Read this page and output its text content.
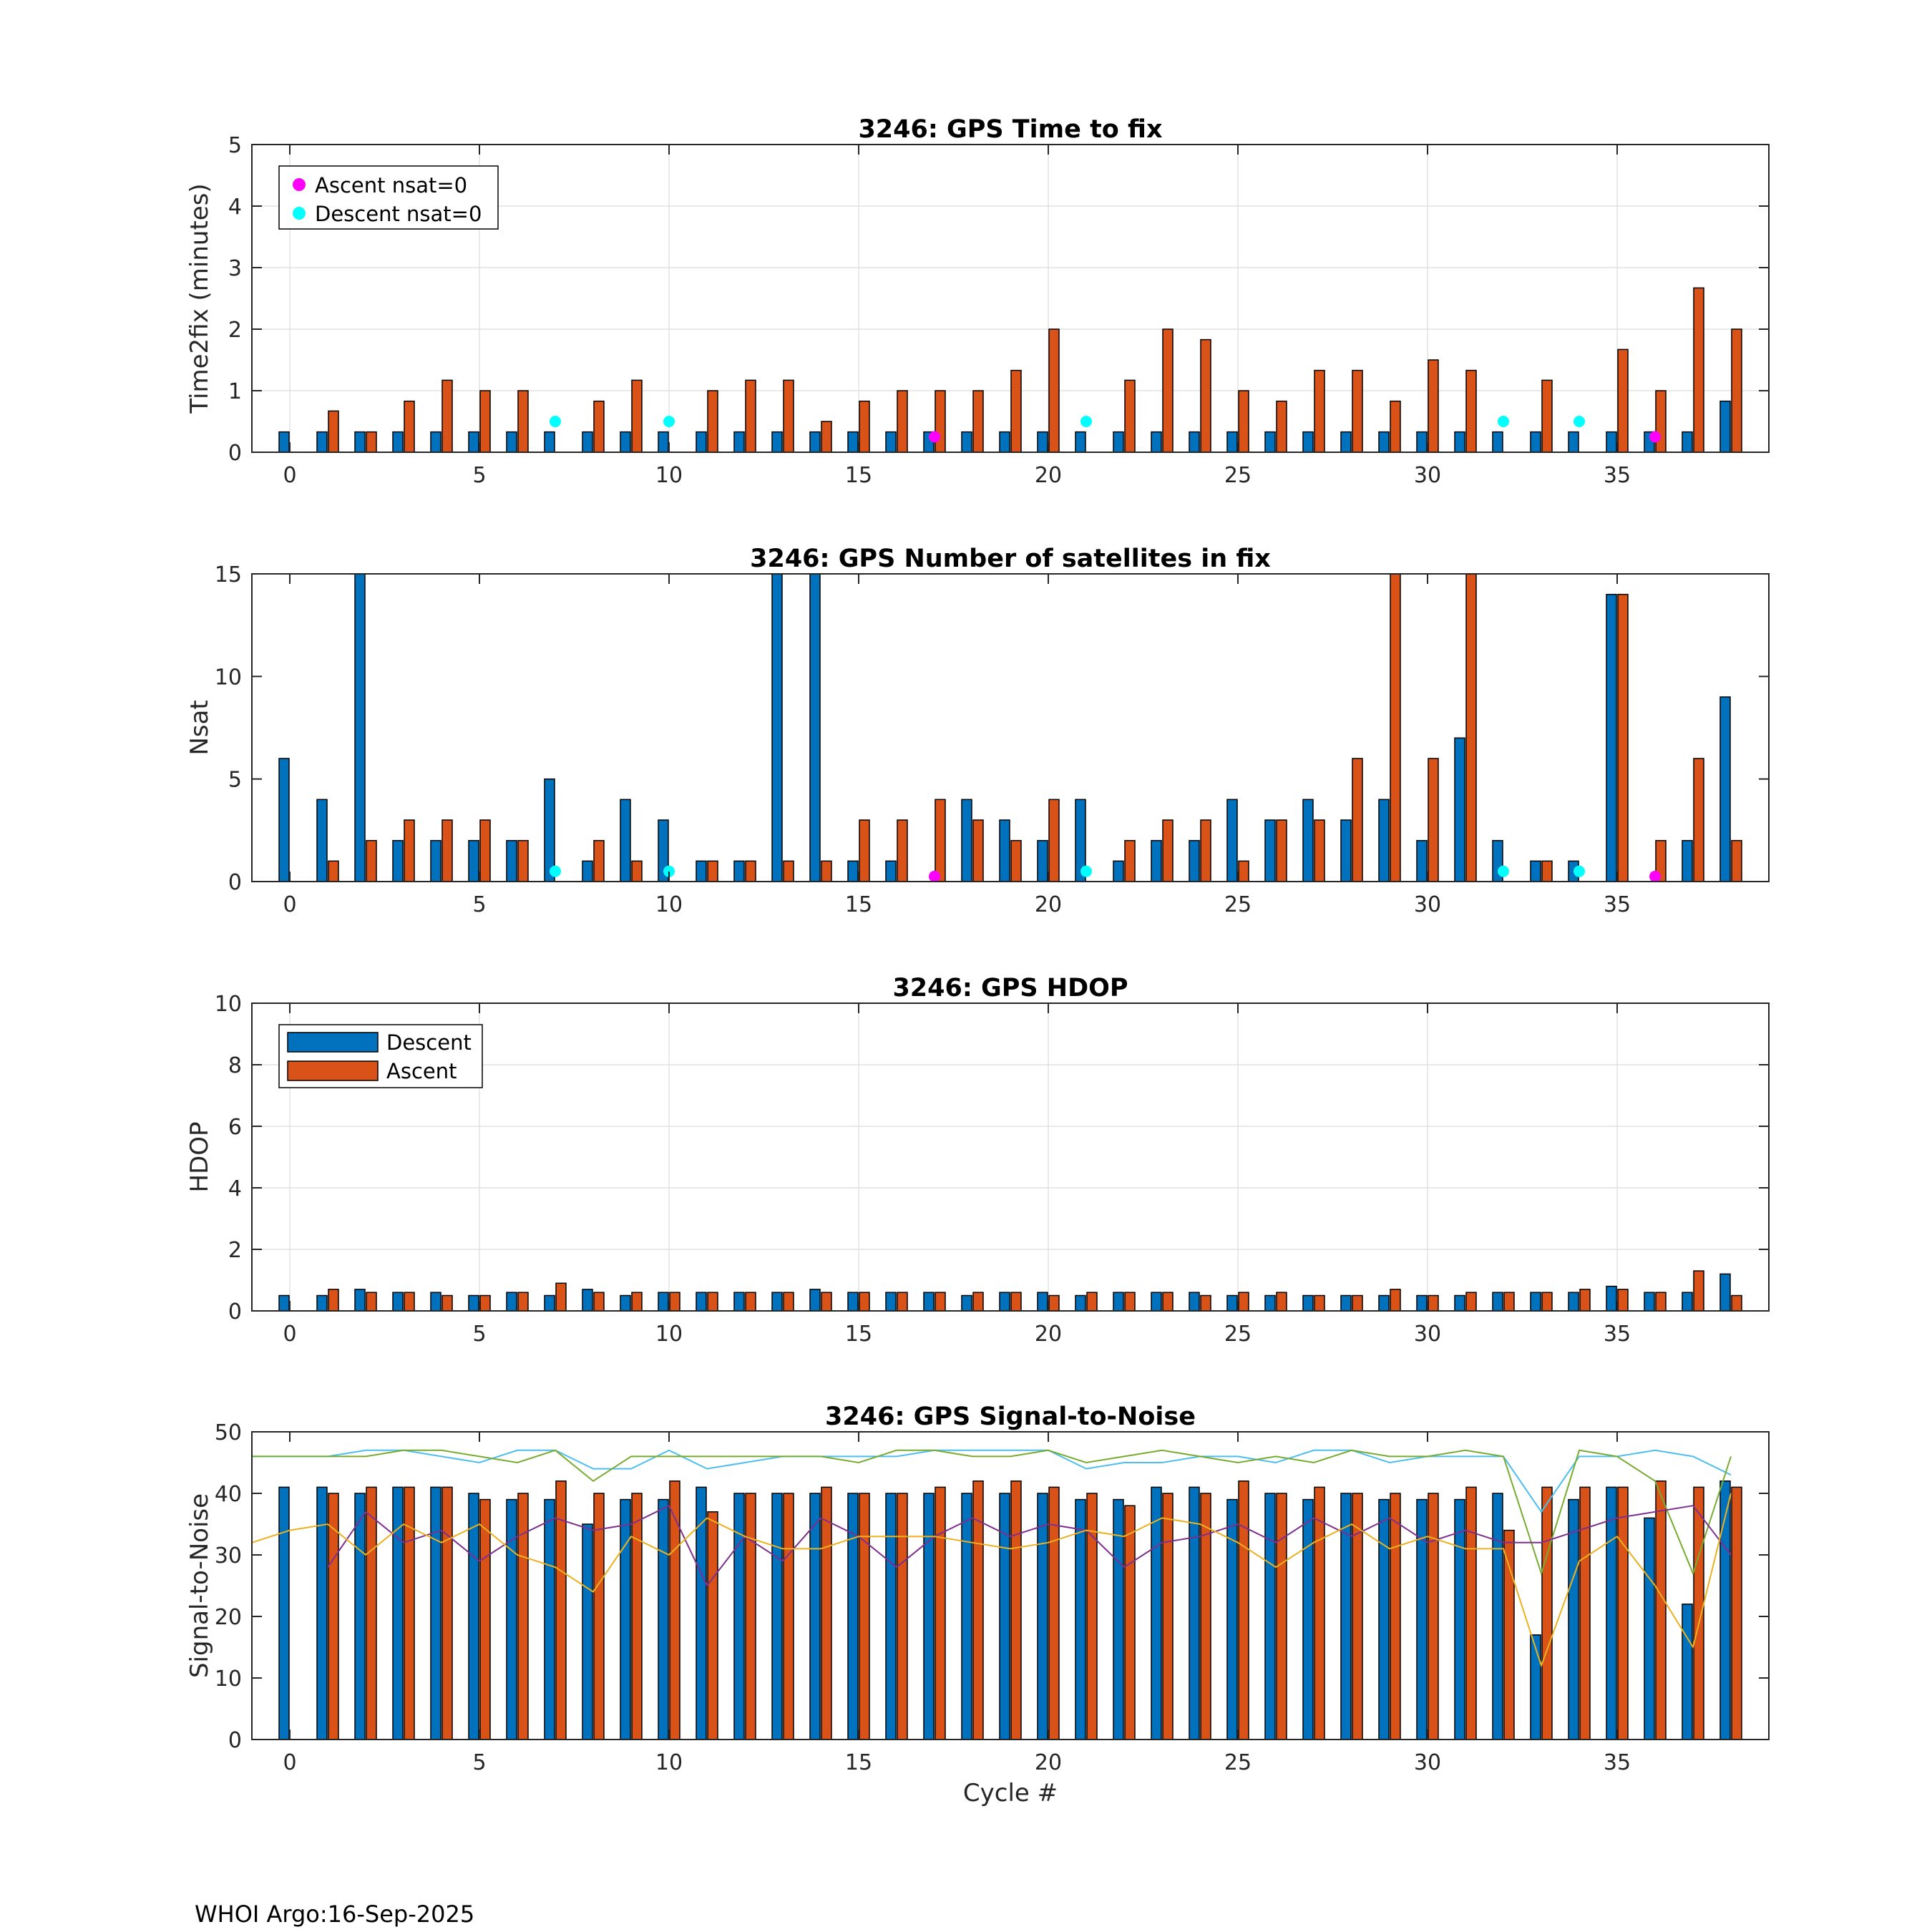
0	5	10	15	20	25	30	35
0
1
2
3
4
5
3246: GPS Time to fix
Time2fix (minutes)	Ascent nsat=0
Descent nsat=0
0	5	10	15	20	25	30	35
0
5
10
15
3246: GPS Number of satellites in fix
Nsat
0	5	10	15	20	25	30	35
0
2
4
6
8
10
3246: GPS HDOP
HDOP
Descent
Ascent
0	5	10	15	20	25	30	35
0
10
20
30
40
50
3246: GPS Signal-to-Noise
Signal-to-Noise
Cycle #
WHOI Argo:16-Sep-2025
